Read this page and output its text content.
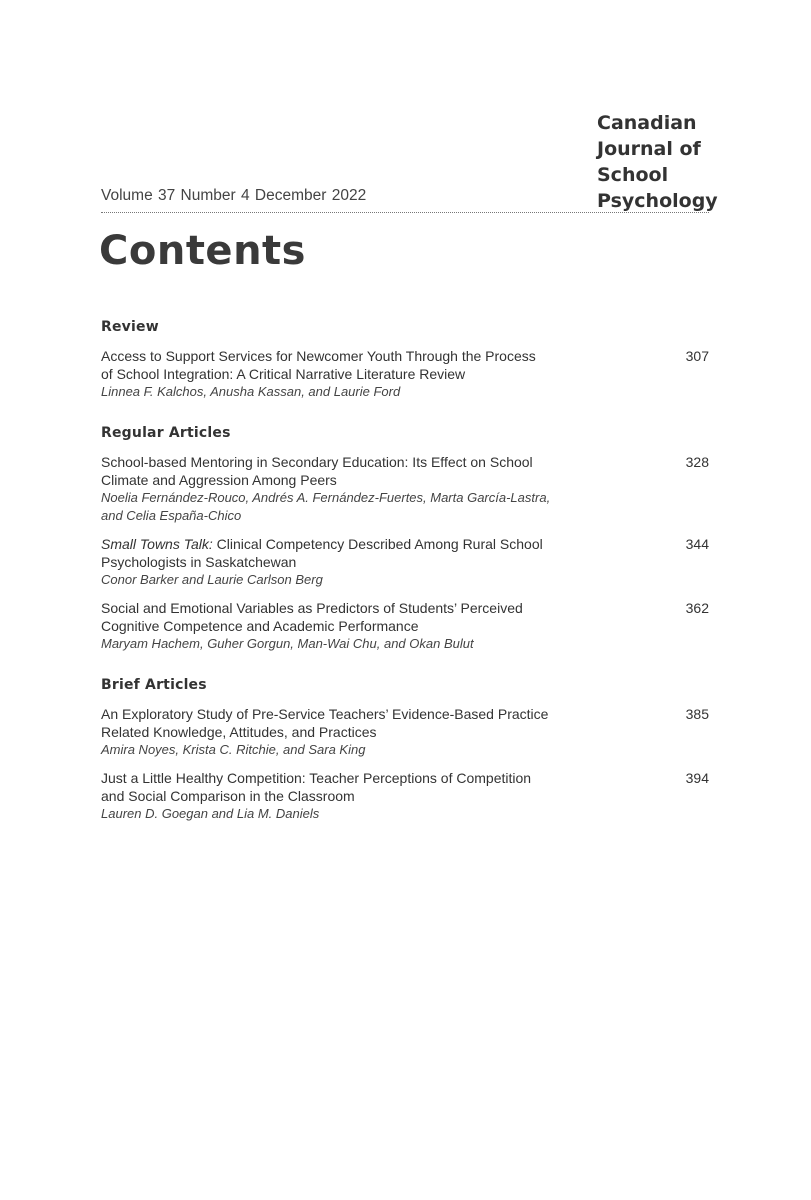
Canadian
Journal of
School
Psychology
Volume 37 Number 4 December 2022
Contents
Review
Access to Support Services for Newcomer Youth Through the Process
of School Integration: A Critical Narrative Literature Review
Linnea F. Kalchos, Anusha Kassan, and Laurie Ford
307
Regular Articles
School-based Mentoring in Secondary Education: Its Effect on School
Climate and Aggression Among Peers
Noelia Fernández-Rouco, Andrés A. Fernández-Fuertes, Marta García-Lastra,
and Celia España-Chico
328
Small Towns Talk: Clinical Competency Described Among Rural School
Psychologists in Saskatchewan
Conor Barker and Laurie Carlson Berg
344
Social and Emotional Variables as Predictors of Students’ Perceived
Cognitive Competence and Academic Performance
Maryam Hachem, Guher Gorgun, Man-Wai Chu, and Okan Bulut
362
Brief Articles
An Exploratory Study of Pre-Service Teachers’ Evidence-Based Practice
Related Knowledge, Attitudes, and Practices
Amira Noyes, Krista C. Ritchie, and Sara King
385
Just a Little Healthy Competition: Teacher Perceptions of Competition
and Social Comparison in the Classroom
Lauren D. Goegan and Lia M. Daniels
394
